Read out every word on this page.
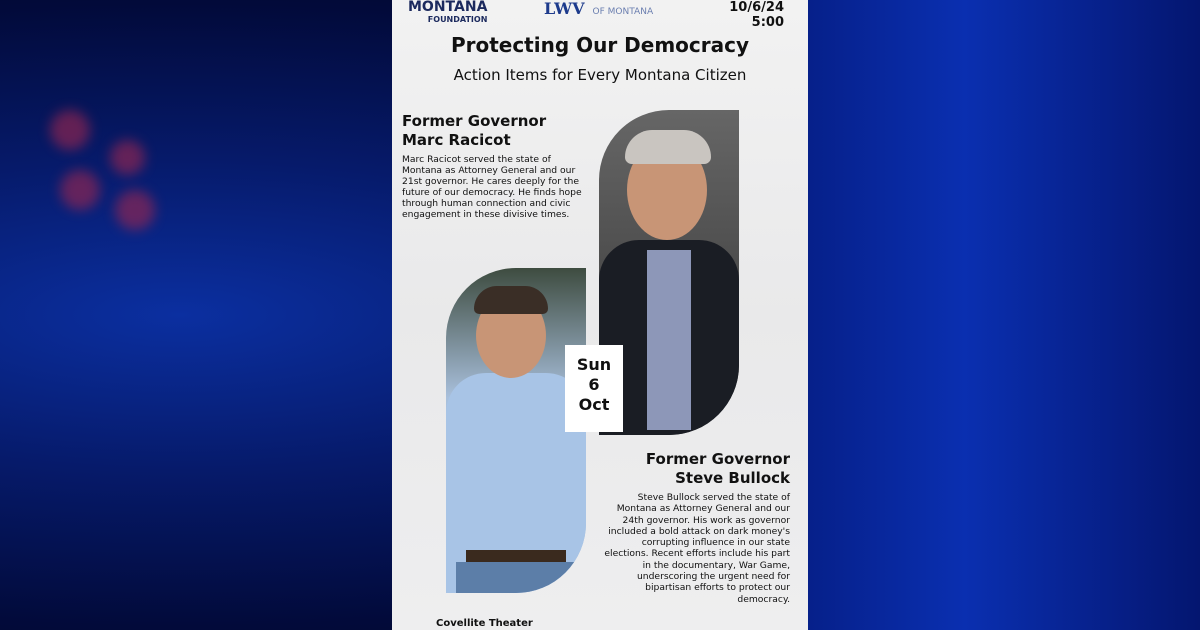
MONTANA
FOUNDATION
LWV OF MONTANA	10/6/24
5:00
Protecting Our Democracy
Action Items for Every Montana Citizen
Former Governor
Marc Racicot
Marc Racicot served the state of Montana as Attorney General and our 21st governor. He cares deeply for the future of our democracy. He finds hope through human connection and civic engagement in these divisive times.
Sun
6
Oct
Former Governor
Steve Bullock
Steve Bullock served the state of Montana as Attorney General and our 24th governor. His work as governor included a bold attack on dark money's corrupting influence in our state elections. Recent efforts include his part in the documentary, War Game, underscoring the urgent need for bipartisan efforts to protect our democracy.
Covellite Theater
